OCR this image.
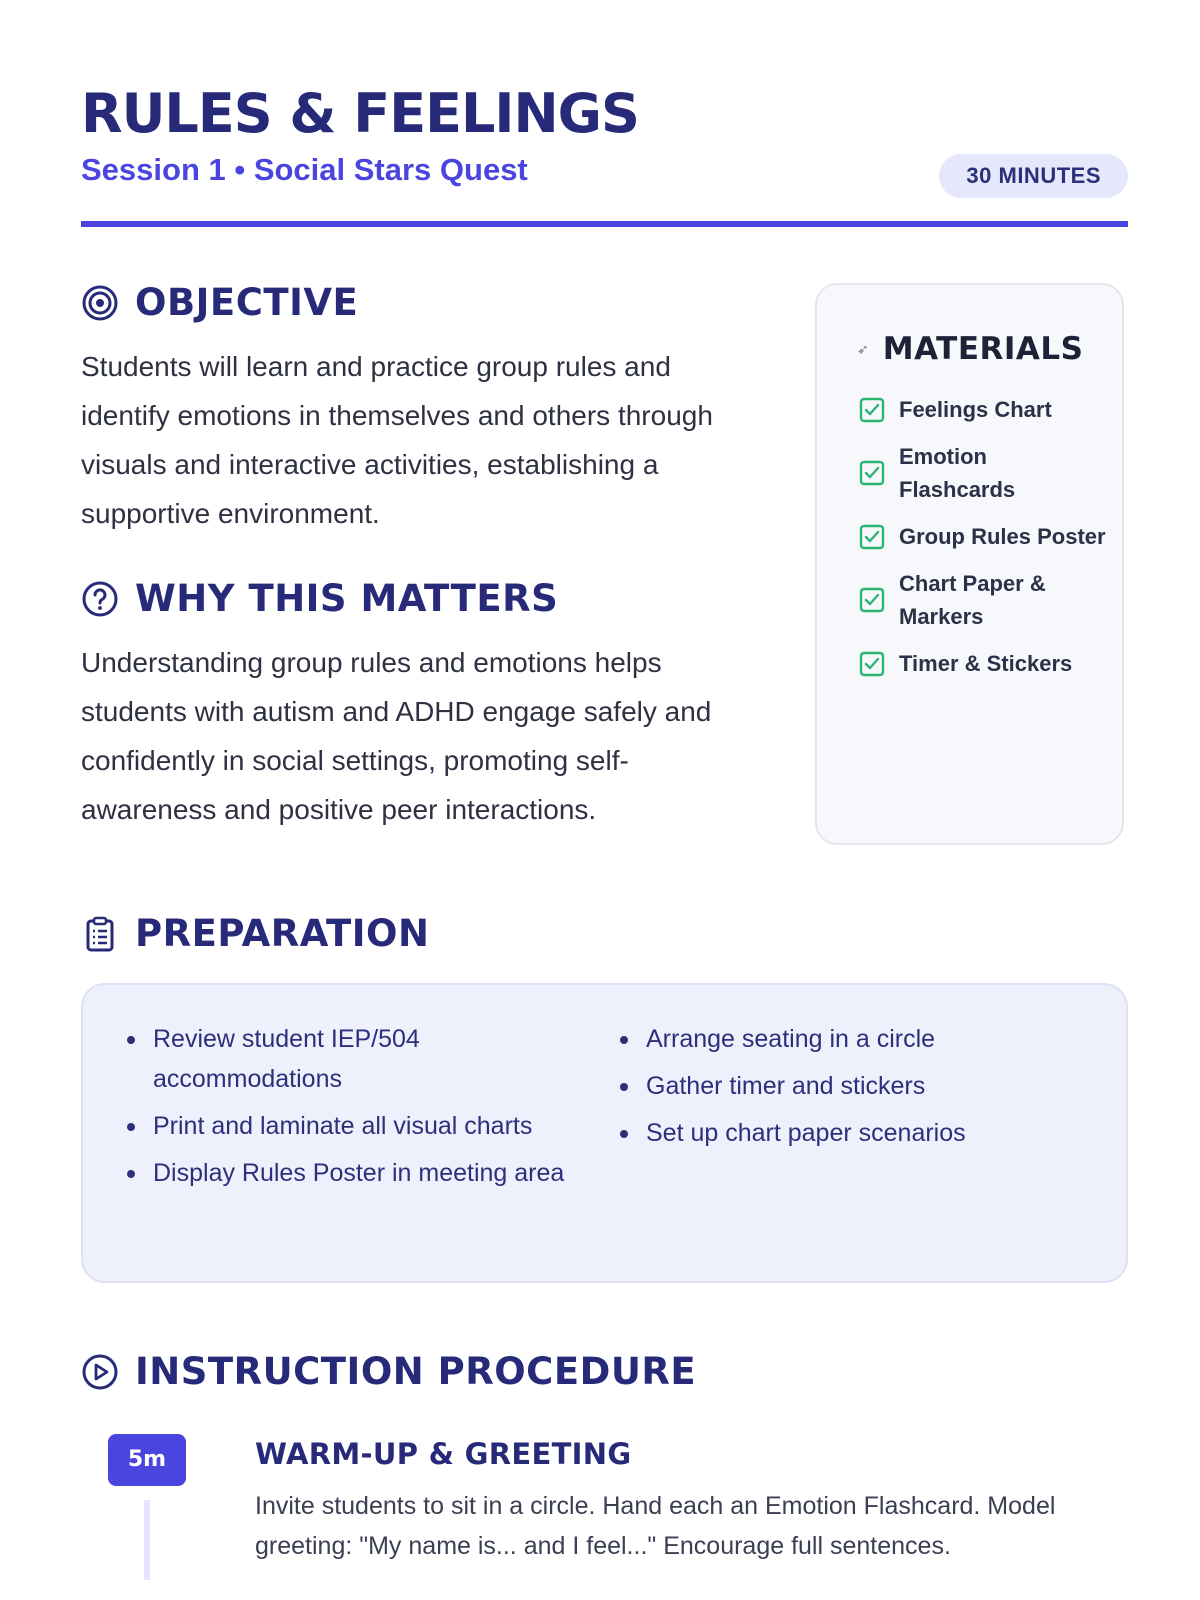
RULES & FEELINGS
Session 1 • Social Stars Quest	30 MINUTES
OBJECTIVE

Students will learn and practice group rules and identify emotions in themselves and others through visuals and interactive activities, establishing a supportive environment.

WHY THIS MATTERS

Understanding group rules and emotions helps students with autism and ADHD engage safely and confidently in social settings, promoting self-awareness and positive peer interactions.

➶ MATERIALS
Feelings Chart
Emotion Flashcards
Group Rules Poster
Chart Paper & Markers
Timer & Stickers
PREPARATION
Review student IEP/504 accommodations
Print and laminate all visual charts
Display Rules Poster in meeting area
Arrange seating in a circle
Gather timer and stickers
Set up chart paper scenarios
INSTRUCTION PROCEDURE
5m	WARM-UP & GREETING

Invite students to sit in a circle. Hand each an Emotion Flashcard. Model greeting: "My name is... and I feel..." Encourage full sentences.
